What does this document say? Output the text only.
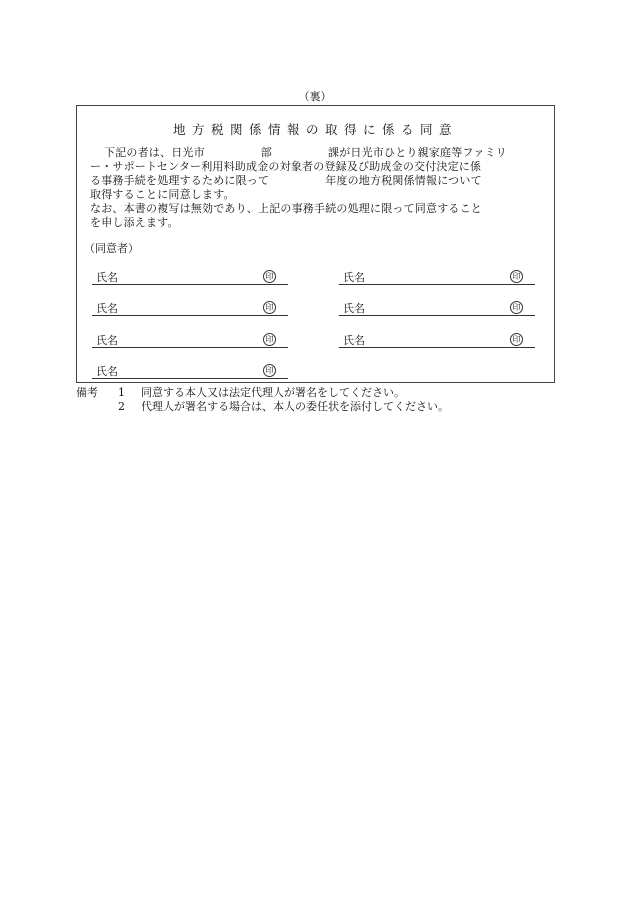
（裏）
地方税関係情報の取得に係る同意
下記の者は、日光市　　　　　部　　　　　課が日光市ひとり親家庭等ファミリ
ー・サポートセンター利用料助成金の対象者の登録及び助成金の交付決定に係
る事務手続を処理するために限って　　　　　年度の地方税関係情報について
取得することに同意します。
なお、本書の複写は無効であり、上記の事務手続の処理に限って同意すること
を申し添えます。
（同意者）
氏名	印
氏名	印
氏名	印
氏名	印
氏名	印
氏名	印
氏名	印
備考 1 同意する本人又は法定代理人が署名をしてください。
2 代理人が署名する場合は、本人の委任状を添付してください。
